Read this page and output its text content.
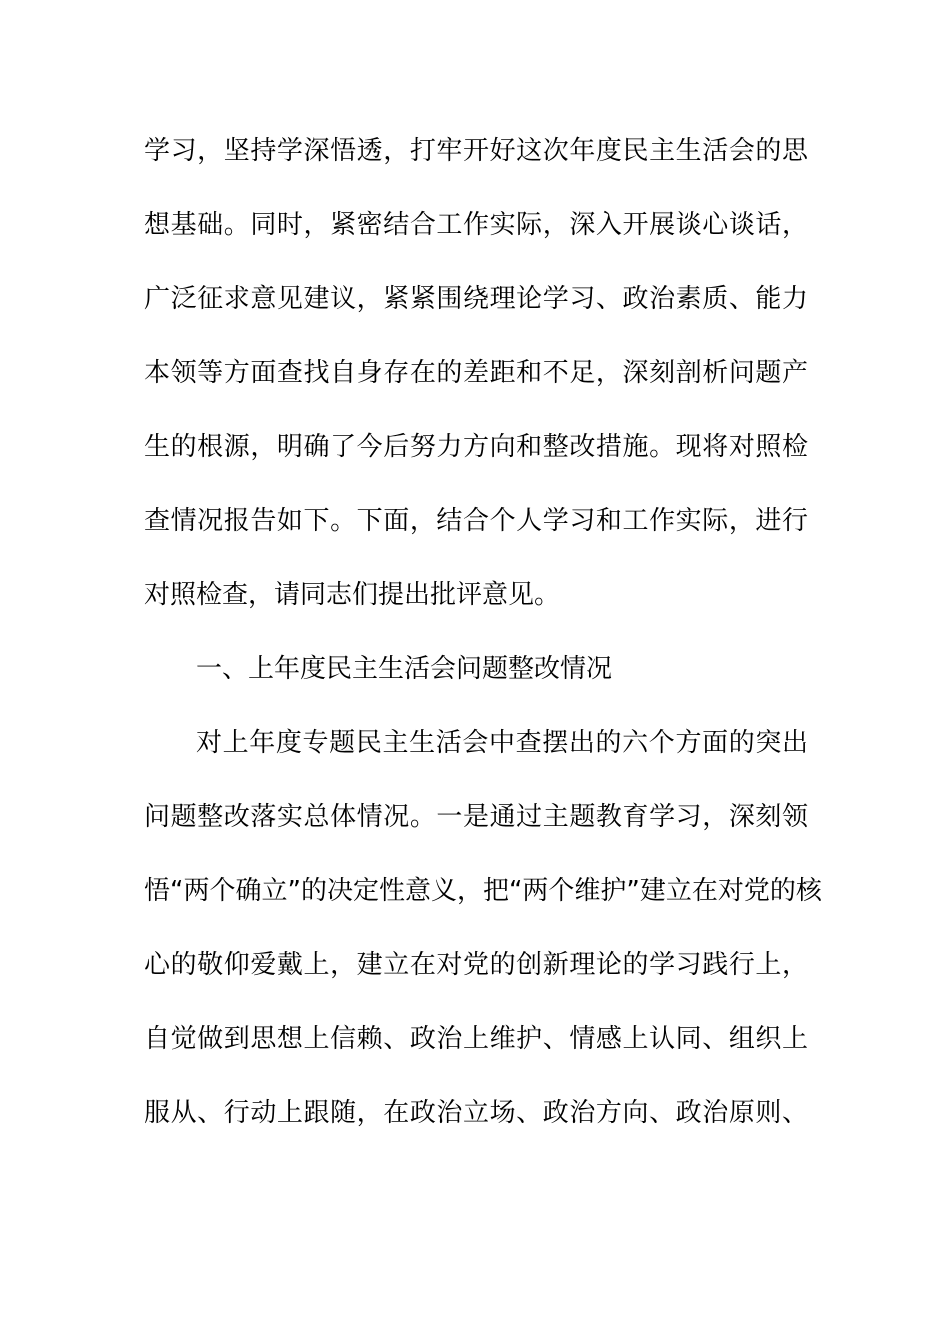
学习，坚持学深悟透，打牢开好这次年度民主生活会的思
想基础。同时，紧密结合工作实际，深入开展谈心谈话，
广泛征求意见建议，紧紧围绕理论学习、政治素质、能力
本领等方面查找自身存在的差距和不足，深刻剖析问题产
生的根源，明确了今后努力方向和整改措施。现将对照检
查情况报告如下。下面，结合个人学习和工作实际，进行
对照检查，请同志们提出批评意见。

一、上年度民主生活会问题整改情况

对上年度专题民主生活会中查摆出的六个方面的突出
问题整改落实总体情况。一是通过主题教育学习，深刻领
悟“两个确立”的决定性意义，把“两个维护”建立在对党的核
心的敬仰爱戴上，建立在对党的创新理论的学习践行上，
自觉做到思想上信赖、政治上维护、情感上认同、组织上
服从、行动上跟随，在政治立场、政治方向、政治原则、
